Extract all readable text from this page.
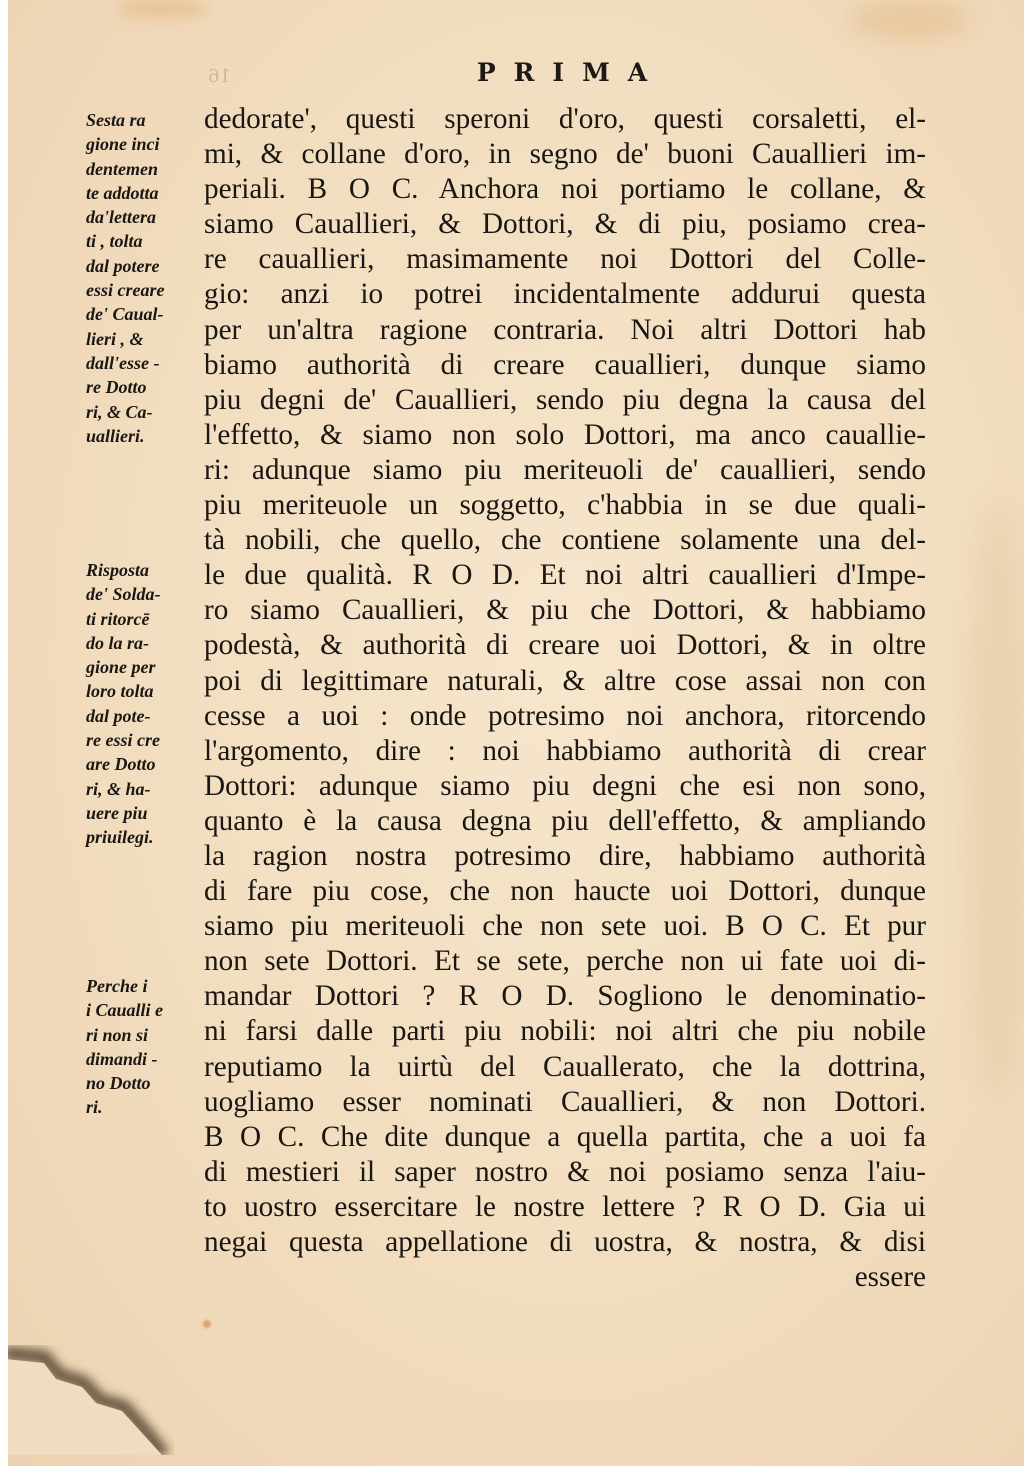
16	PRIMA
Sesta ra
gione inci
dentemen
te addotta
da'lettera
ti , tolta
dal potere
essi creare
de' Caual-
lieri , &
dall'esse -
re Dotto
ri, & Ca-
uallieri.
Risposta
de' Solda-
ti ritorcē
do la ra-
gione per
loro tolta
dal pote-
re essi cre
are Dotto
ri, & ha-
uere piu
priuilegi.
Perche i
i Caualli e
ri non si
dimandi -
no Dotto
ri.
dedorate', questi speroni d'oro, questi corsaletti, el-
mi, & collane d'oro, in segno de' buoni Cauallieri im-
periali. B O C. Anchora noi portiamo le collane, &
siamo Cauallieri, & Dottori, & di piu, posiamo crea-
re cauallieri, masimamente noi Dottori del Colle-
gio: anzi io potrei incidentalmente addurui questa
per un'altra ragione contraria. Noi altri Dottori hab
biamo authorità di creare cauallieri, dunque siamo
piu degni de' Cauallieri, sendo piu degna la causa del
l'effetto, & siamo non solo Dottori, ma anco cauallie-
ri: adunque siamo piu meriteuoli de' cauallieri, sendo
piu meriteuole un soggetto, c'habbia in se due quali-
tà nobili, che quello, che contiene solamente una del-
le due qualità. R O D. Et noi altri cauallieri d'Impe-
ro siamo Cauallieri, & piu che Dottori, & habbiamo
podestà, & authorità di creare uoi Dottori, & in oltre
poi di legittimare naturali, & altre cose assai non con
cesse a uoi : onde potresimo noi anchora, ritorcendo
l'argomento, dire : noi habbiamo authorità di crear
Dottori: adunque siamo piu degni che esi non sono,
quanto è la causa degna piu dell'effetto, & ampliando
la ragion nostra potresimo dire, habbiamo authorità
di fare piu cose, che non haucte uoi Dottori, dunque
siamo piu meriteuoli che non sete uoi. B O C. Et pur
non sete Dottori. Et se sete, perche non ui fate uoi di-
mandar Dottori ? R O D. Sogliono le denominatio-
ni farsi dalle parti piu nobili: noi altri che piu nobile
reputiamo la uirtù del Cauallerato, che la dottrina,
uogliamo esser nominati Cauallieri, & non Dottori.
B O C. Che dite dunque a quella partita, che a uoi fa
di mestieri il saper nostro & noi posiamo senza l'aiu-
to uostro essercitare le nostre lettere ? R O D. Gia ui
negai questa appellatione di uostra, & nostra, & disi
essere
